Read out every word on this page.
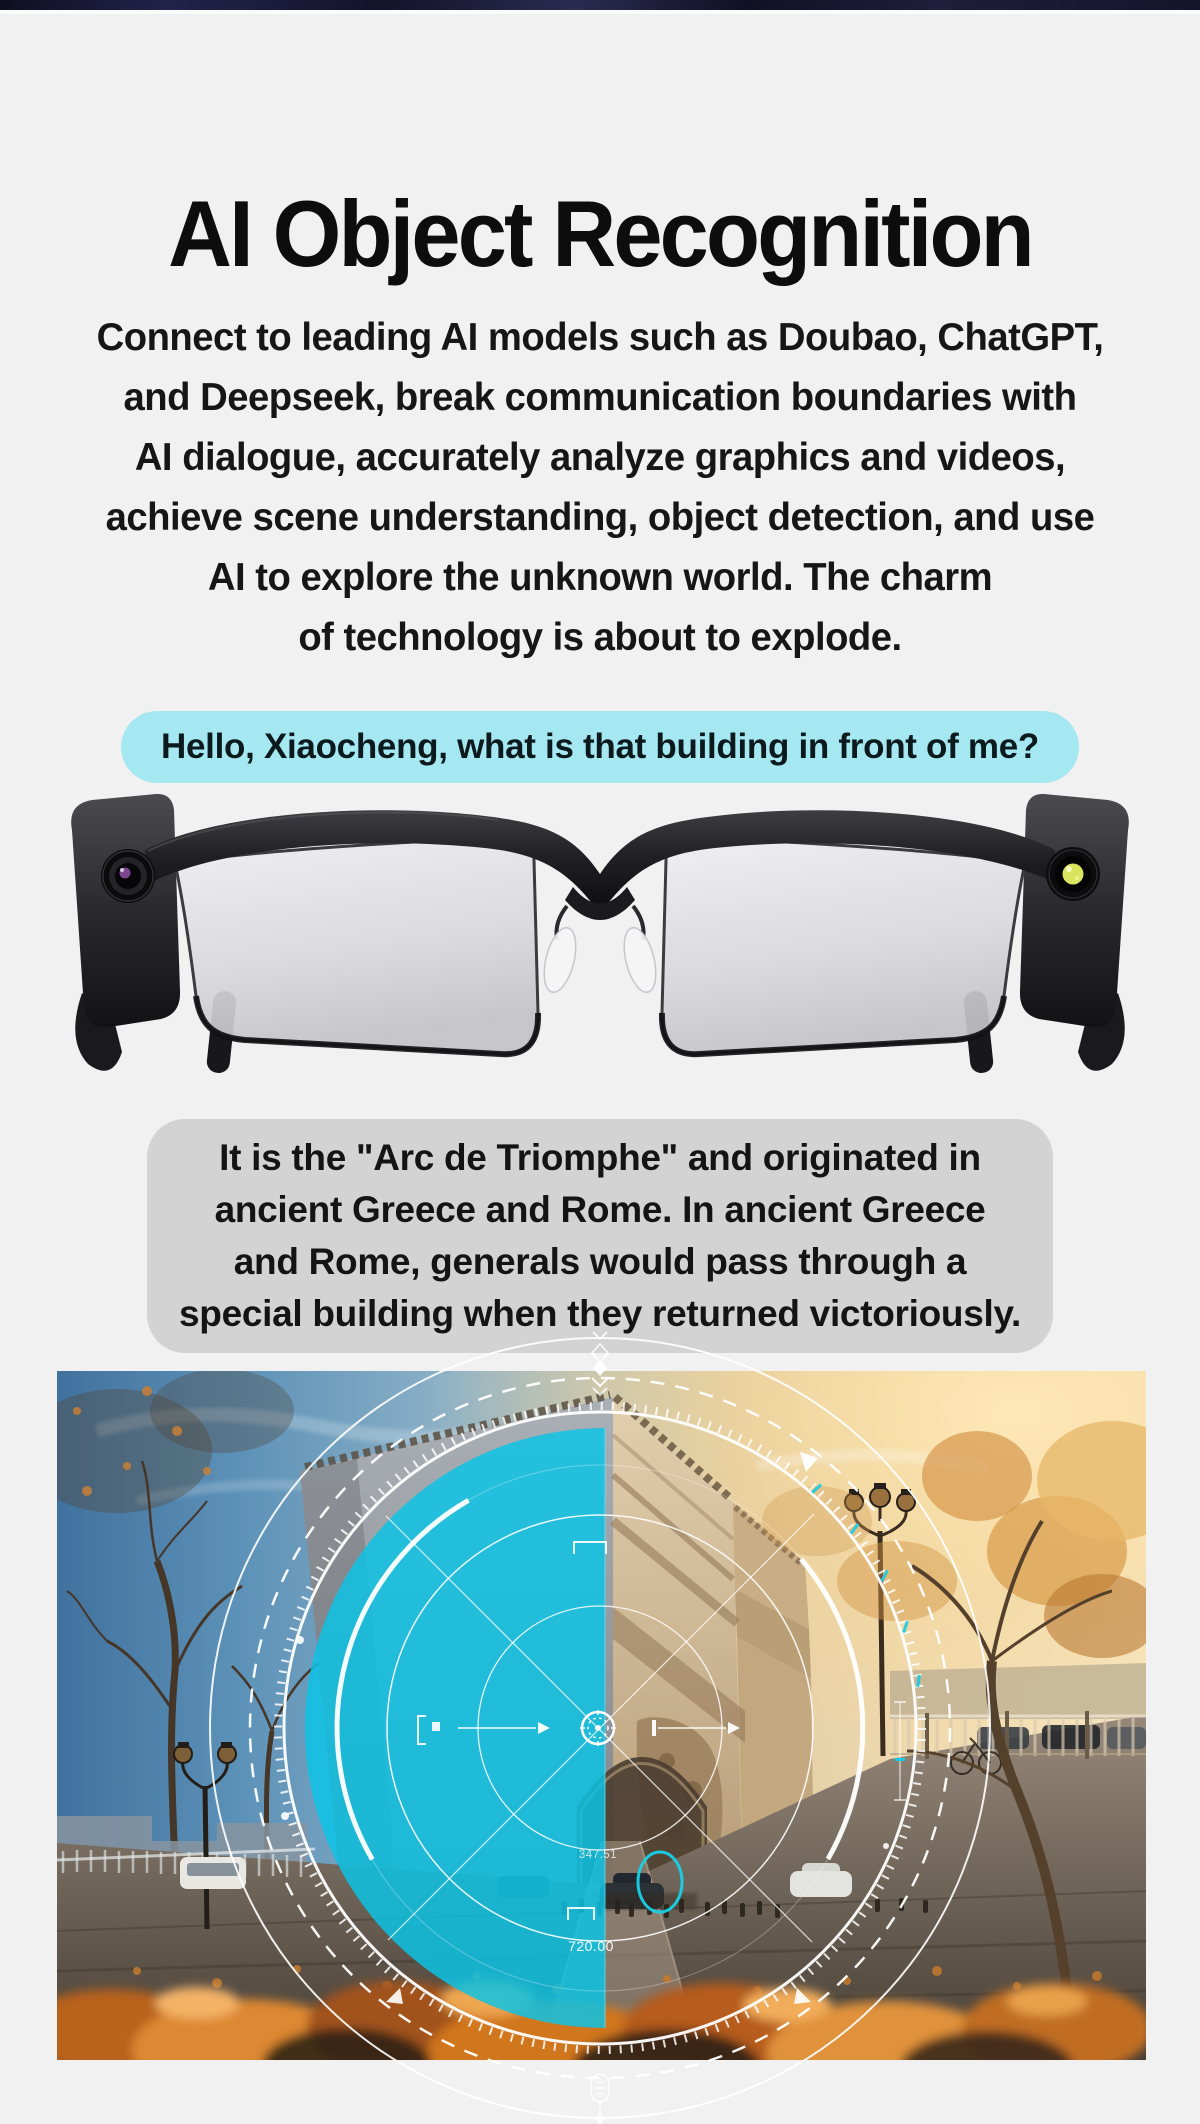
AI Object Recognition
Connect to leading AI models such as Doubao, ChatGPT,
and Deepseek, break communication boundaries with
AI dialogue, accurately analyze graphics and videos,
achieve scene understanding, object detection, and use
AI to explore the unknown world. The charm
of technology is about to explode.
Hello, Xiaocheng, what is that building in front of me?
It is the "Arc de Triomphe" and originated in
ancient Greece and Rome. In ancient Greece
and Rome, generals would pass through a
special building when they returned victoriously.
347.51
720.00
